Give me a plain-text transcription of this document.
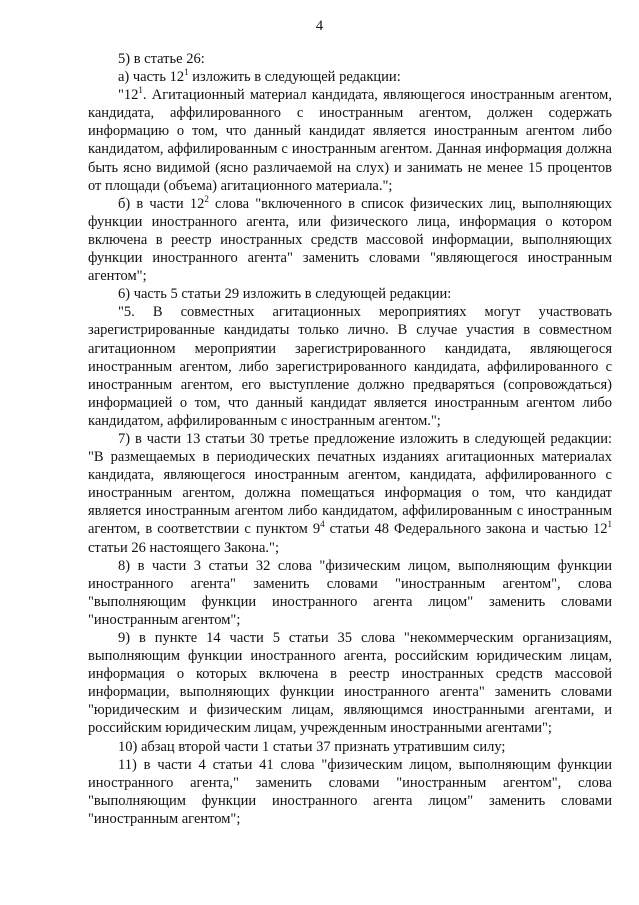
4

5) в статье 26:

а) часть $12^1$ изложить в следующей редакции:

"$12^1$. Агитационный материал кандидата, являющегося иностранным агентом, кандидата, аффилированного с иностранным агентом, должен содержать информацию о том, что данный кандидат является иностранным агентом либо кандидатом, аффилированным с иностранным агентом. Данная информация должна быть ясно видимой (ясно различаемой на слух) и занимать не менее 15 процентов от площади (объема) агитационного материала.";

б) в части $12^2$ слова "включенного в список физических лиц, выполняющих функции иностранного агента, или физического лица, информация о котором включена в реестр иностранных средств массовой информации, выполняющих функции иностранного агента" заменить словами "являющегося иностранным агентом";

6) часть 5 статьи 29 изложить в следующей редакции:

"5. В совместных агитационных мероприятиях могут участвовать зарегистрированные кандидаты только лично. В случае участия в совместном агитационном мероприятии зарегистрированного кандидата, являющегося иностранным агентом, либо зарегистрированного кандидата, аффилированного с иностранным агентом, его выступление должно предваряться (сопровождаться) информацией о том, что данный кандидат является иностранным агентом либо кандидатом, аффилированным с иностранным агентом.";

7) в части 13 статьи 30 третье предложение изложить в следующей редакции: "В размещаемых в периодических печатных изданиях агитационных материалах кандидата, являющегося иностранным агентом, кандидата, аффилированного с иностранным агентом, должна помещаться информация о том, что кандидат является иностранным агентом либо кандидатом, аффилированным с иностранным агентом, в соответствии с пунктом $9^4$ статьи 48 Федерального закона и частью $12^1$ статьи 26 настоящего Закона.";

8) в части 3 статьи 32 слова "физическим лицом, выполняющим функции иностранного агента" заменить словами "иностранным агентом", слова "выполняющим функции иностранного агента лицом" заменить словами "иностранным агентом";

9) в пункте 14 части 5 статьи 35 слова "некоммерческим организациям, выполняющим функции иностранного агента, российским юридическим лицам, информация о которых включена в реестр иностранных средств массовой информации, выполняющих функции иностранного агента" заменить словами "юридическим и физическим лицам, являющимся иностранными агентами, и российским юридическим лицам, учрежденным иностранными агентами";

10) абзац второй части 1 статьи 37 признать утратившим силу;

11) в части 4 статьи 41 слова "физическим лицом, выполняющим функции иностранного агента," заменить словами "иностранным агентом", слова "выполняющим функции иностранного агента лицом" заменить словами "иностранным агентом";
